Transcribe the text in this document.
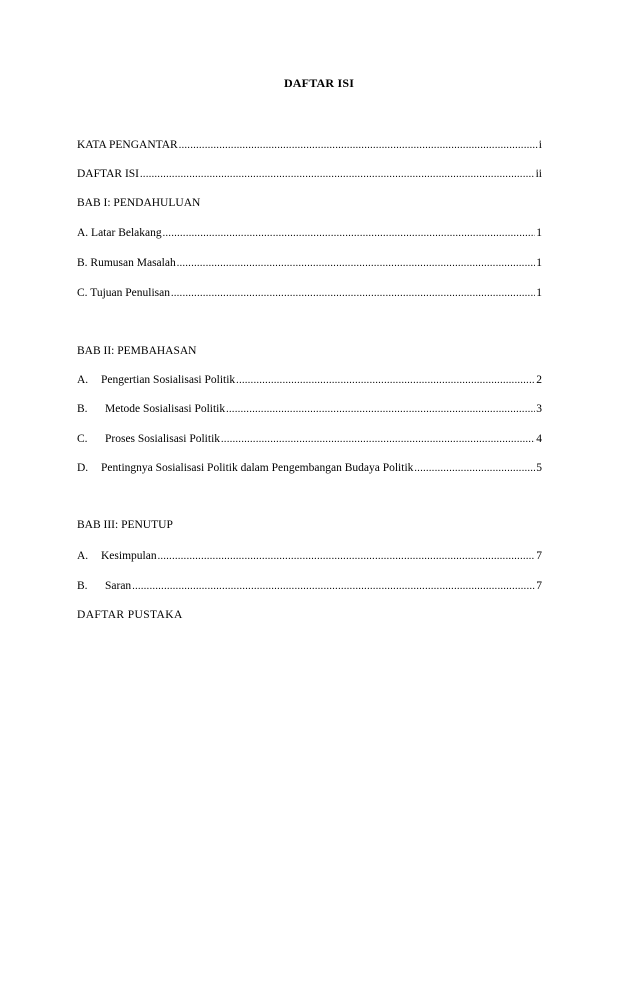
DAFTAR ISI
KATA PENGANTAR .....	i
DAFTAR ISI .....	ii
BAB I: PENDAHULUAN
A. Latar Belakang .....	1
B. Rumusan Masalah .....	1
C. Tujuan Penulisan .....	1
BAB II: PEMBAHASAN
A.	Pengertian Sosialisasi Politik .....	2
B.	Metode Sosialisasi Politik .....	3
C.	Proses Sosialisasi Politik .....	4
D.	Pentingnya Sosialisasi Politik dalam Pengembangan Budaya Politik .....	5
BAB III: PENUTUP
A.	Kesimpulan .....	7
B.	Saran .....	7
DAFTAR PUSTAKA
